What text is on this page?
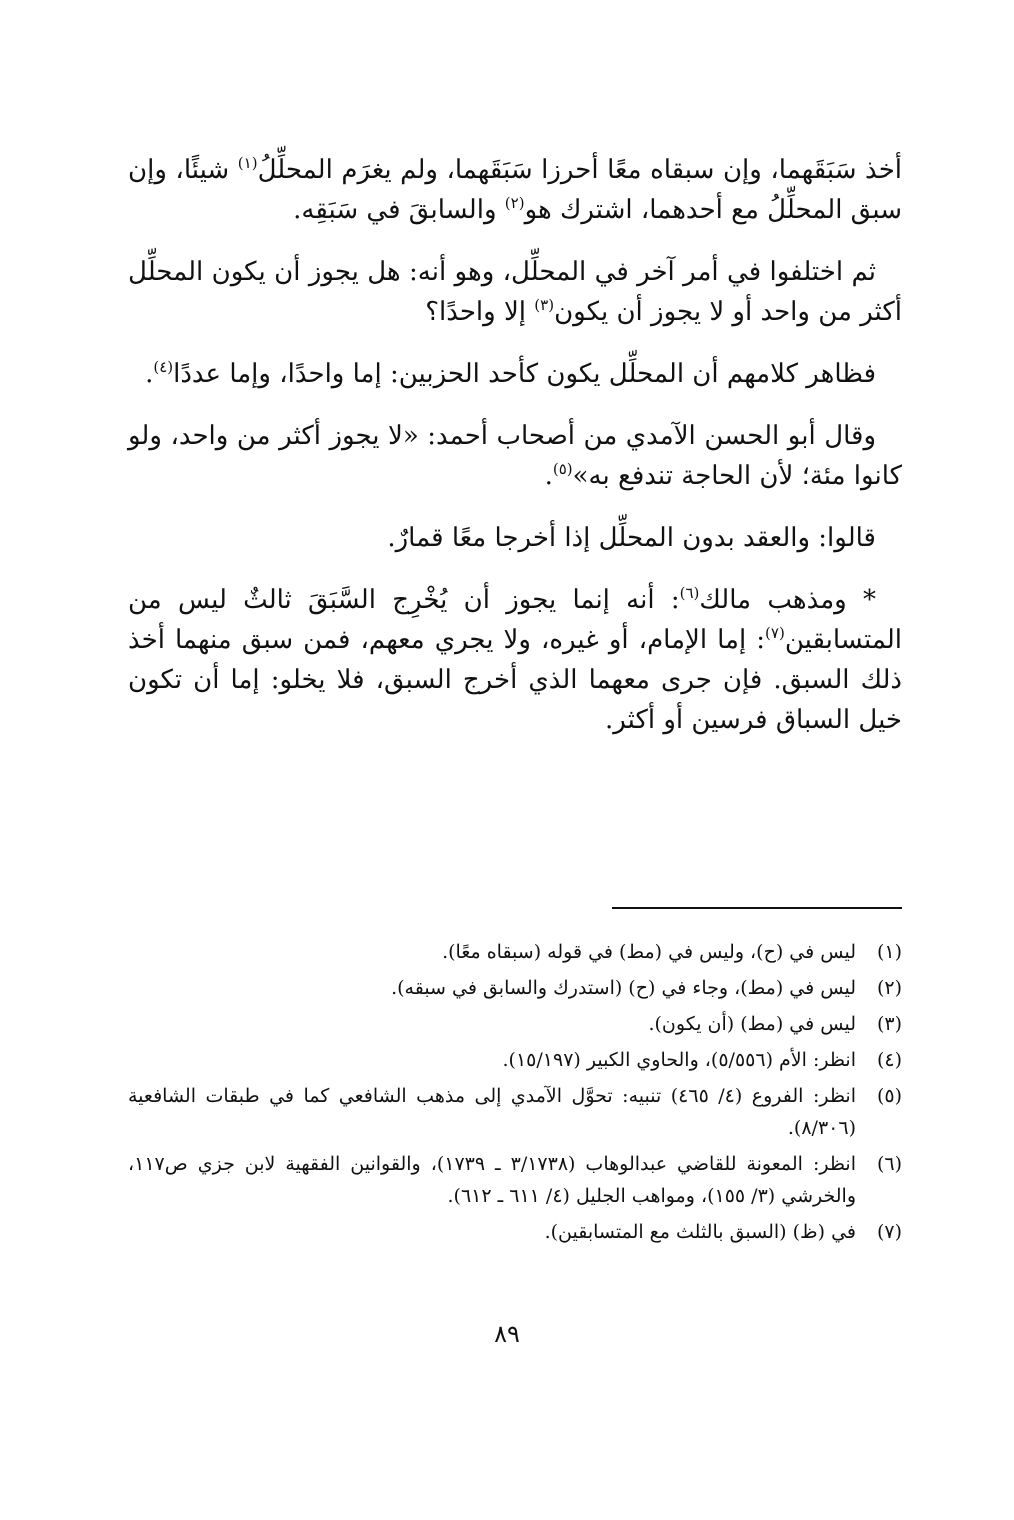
أخذ سَبَقَهما، وإن سبقاه معًا أحرزا سَبَقَهما، ولم يغرَم المحلِّلُ$^{(١)}$ شيئًا، وإن سبق المحلِّلُ مع أحدهما، اشترك هو$^{(٢)}$ والسابقَ في سَبَقِه.

ثم اختلفوا في أمر آخر في المحلِّل، وهو أنه: هل يجوز أن يكون المحلِّل أكثر من واحد أو لا يجوز أن يكون$^{(٣)}$ إلا واحدًا؟

فظاهر كلامهم أن المحلِّل يكون كأحد الحزبين: إما واحدًا، وإما عددًا$^{(٤)}$.

وقال أبو الحسن الآمدي من أصحاب أحمد: «لا يجوز أكثر من واحد، ولو كانوا مئة؛ لأن الحاجة تندفع به»$^{(٥)}$.

قالوا: والعقد بدون المحلِّل إذا أخرجا معًا قمارٌ.

* ومذهب مالك$^{(٦)}$: أنه إنما يجوز أن يُخْرِج السَّبَقَ ثالثٌ ليس من المتسابقين$^{(٧)}$: إما الإمام، أو غيره، ولا يجري معهم، فمن سبق منهما أخذ ذلك السبق. فإن جرى معهما الذي أخرج السبق، فلا يخلو: إما أن تكون خيل السباق فرسين أو أكثر.

(١)
ليس في (ح)، وليس في (مط) في قوله (سبقاه معًا).
(٢)
ليس في (مط)، وجاء في (ح) (استدرك والسابق في سبقه).
(٣)
ليس في (مط) (أن يكون).
(٤)
انظر: الأم (٥/٥٥٦)، والحاوي الكبير (١٥/١٩٧).
(٥)
انظر: الفروع (٤/ ٤٦٥) تنبيه: تحوَّل الآمدي إلى مذهب الشافعي كما في طبقات الشافعية (٨/٣٠٦).
(٦)
انظر: المعونة للقاضي عبدالوهاب (٣/١٧٣٨ ـ ١٧٣٩)، والقوانين الفقهية لابن جزي ص١١٧، والخرشي (٣/ ١٥٥)، ومواهب الجليل (٤/ ٦١١ ـ ٦١٢).
(٧)
في (ظ) (السبق بالثلث مع المتسابقين).
٨٩
